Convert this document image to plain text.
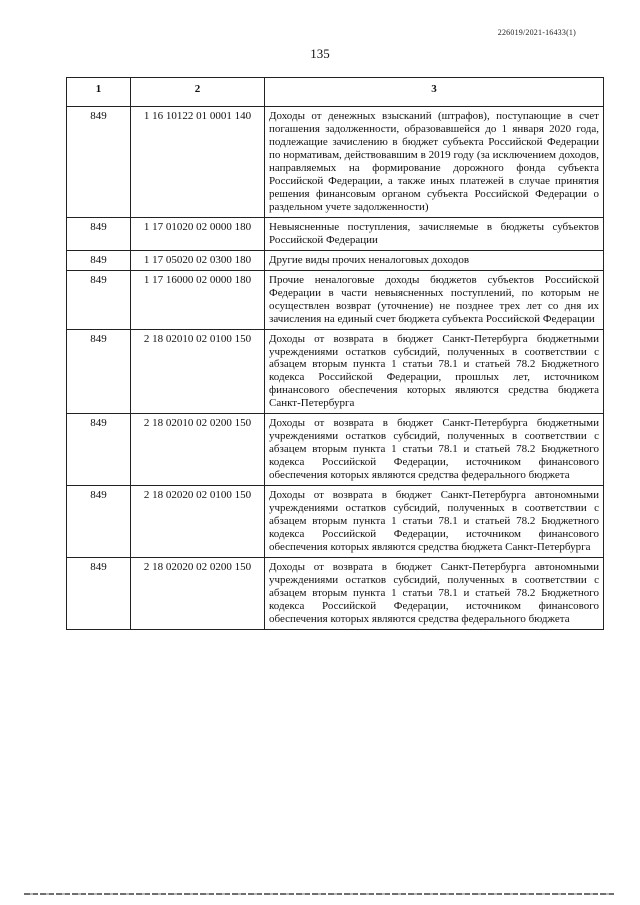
226019/2021-16433(1)
135
1	2	3
849	1 16 10122 01 0001 140	Доходы от денежных взысканий (штрафов), поступающие в счет погашения задолженности, образовавшейся до 1 января 2020 года, подлежащие зачислению в бюджет субъекта Российской Федерации по нормативам, действовавшим в 2019 году (за исключением доходов, направляемых на формирование дорожного фонда субъекта Российской Федерации, а также иных платежей в случае принятия решения финансовым органом субъекта Российской Федерации о раздельном учете задолженности)
849	1 17 01020 02 0000 180	Невыясненные поступления, зачисляемые в бюджеты субъектов Российской Федерации
849	1 17 05020 02 0300 180	Другие виды прочих неналоговых доходов
849	1 17 16000 02 0000 180	Прочие неналоговые доходы бюджетов субъектов Российской Федерации в части невыясненных поступлений, по которым не осуществлен возврат (уточнение) не позднее трех лет со дня их зачисления на единый счет бюджета субъекта Российской Федерации
849	2 18 02010 02 0100 150	Доходы от возврата в бюджет Санкт-Петербурга бюджетными учреждениями остатков субсидий, полученных в соответствии с абзацем вторым пункта 1 статьи 78.1 и статьей 78.2 Бюджетного кодекса Российской Федерации, прошлых лет, источником финансового обеспечения которых являются средства бюджета Санкт-Петербурга
849	2 18 02010 02 0200 150	Доходы от возврата в бюджет Санкт-Петербурга бюджетными учреждениями остатков субсидий, полученных в соответствии с абзацем вторым пункта 1 статьи 78.1 и статьей 78.2 Бюджетного кодекса Российской Федерации, источником финансового обеспечения которых являются средства федерального бюджета
849	2 18 02020 02 0100 150	Доходы от возврата в бюджет Санкт-Петербурга автономными учреждениями остатков субсидий, полученных в соответствии с абзацем вторым пункта 1 статьи 78.1 и статьей 78.2 Бюджетного кодекса Российской Федерации, источником финансового обеспечения которых являются средства бюджета Санкт-Петербурга
849	2 18 02020 02 0200 150	Доходы от возврата в бюджет Санкт-Петербурга автономными учреждениями остатков субсидий, полученных в соответствии с абзацем вторым пункта 1 статьи 78.1 и статьей 78.2 Бюджетного кодекса Российской Федерации, источником финансового обеспечения которых являются средства федерального бюджета
